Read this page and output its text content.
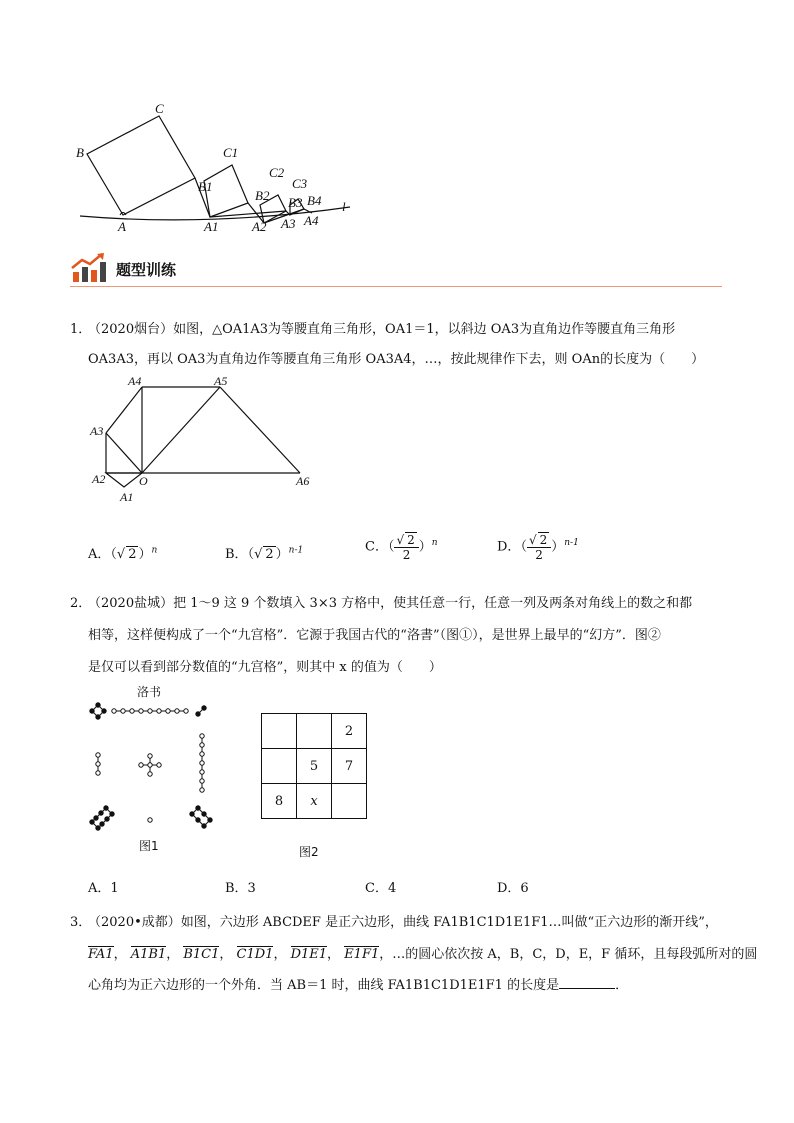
C
B	C1
B1
C2
B2
C3
B3 B4 l
A	A1	A2 A3 A4
题型训练
1．
（2020烟台）如图，△OA1A3为等腰直角三角形，OA1＝1，以斜边 OA3为直角边作等腰直角三角形
OA3A3，再以 OA3为直角边作等腰直角三角形 OA3A4，…，按此规律作下去，则 OAn的长度为（　　）
A4	A5
A3
A2	O
A1
A6
A．（√ 2 ）$^n$	B．（√ 2 ）$^{n-1}$	C．（ $\frac{√ 2}{2} )^n$	D．（ $\frac{√ 2}{2} )^{n-1}$
2．
（2020盐城）把 1～9 这 9 个数填入 3×3 方格中，使其任意一行，任意一列及两条对角线上的数之和都
相等，这样便构成了一个“九宫格”．它源于我国古代的“洛書”（图①），是世界上最早的“幻方”．图②
是仅可以看到部分数值的“九宫格”，则其中 x 的值为（　　）
洛书
图1
		2
	5	7
8	x	
图2
A．1	B．3	C．4	D．6
3．
（2020•成都）如图，六边形 ABCDEF 是正六边形，曲线 FA1B1C1D1E1F1…叫做“正六边形的渐开线”，
FA1， A1B1， B1C1， C1D1， D1E1， E1F1，…的圆心依次按 A，B，C，D，E，F 循环，且每段弧所对的圆
心角均为正六边形的一个外角．当 AB＝1 时，曲线 FA1B1C1D1E1F1 的长度是	．
